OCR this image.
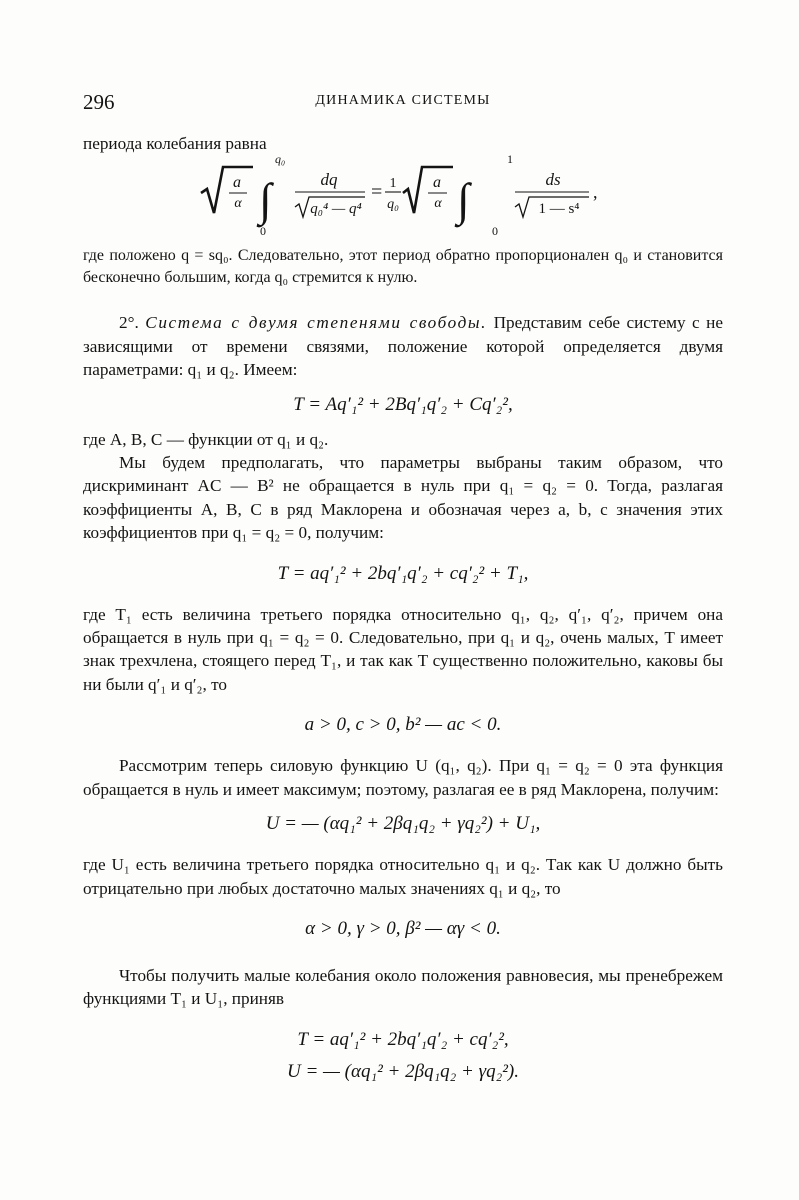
296	ДИНАМИКА СИСТЕМЫ

периода колебания равна

a
α ∫
q₀
0
dq
q₀⁴ — q⁴
= 1
q₀
a
α ∫
1
0
ds
1 — s⁴
,

где положено q = sq₀. Следовательно, этот период обратно пропорционален q₀ и становится бесконечно большим, когда q₀ стремится к нулю.

2°. Система с двумя степенями свободы. Представим себе систему с не зависящими от времени связями, положение которой определяется двумя параметрами: q₁ и q₂. Имеем:

T = Aq′₁² + 2Bq′₁q′₂ + Cq′₂²,

где A, B, C — функции от q₁ и q₂.

Мы будем предполагать, что параметры выбраны таким образом, что дискриминант AC — B² не обращается в нуль при q₁ = q₂ = 0. Тогда, разлагая коэффициенты A, B, C в ряд Маклорена и обозначая через a, b, c значения этих коэффициентов при q₁ = q₂ = 0, получим:

T = aq′₁² + 2bq′₁q′₂ + cq′₂² + T₁,

где T₁ есть величина третьего порядка относительно q₁, q₂, q′₁, q′₂, причем она обращается в нуль при q₁ = q₂ = 0. Следовательно, при q₁ и q₂, очень малых, T имеет знак трехчлена, стоящего перед T₁, и так как T существенно положительно, каковы бы ни были q′₁ и q′₂, то

a > 0, c > 0, b² — ac < 0.

Рассмотрим теперь силовую функцию U (q₁, q₂). При q₁ = q₂ = 0 эта функция обращается в нуль и имеет максимум; поэтому, разлагая ее в ряд Маклорена, получим:

U = — (αq₁² + 2βq₁q₂ + γq₂²) + U₁,

где U₁ есть величина третьего порядка относительно q₁ и q₂. Так как U должно быть отрицательно при любых достаточно малых значениях q₁ и q₂, то

α > 0, γ > 0, β² — αγ < 0.

Чтобы получить малые колебания около положения равновесия, мы пренебрежем функциями T₁ и U₁, приняв

T = aq′₁² + 2bq′₁q′₂ + cq′₂²,
U = — (αq₁² + 2βq₁q₂ + γq₂²).
